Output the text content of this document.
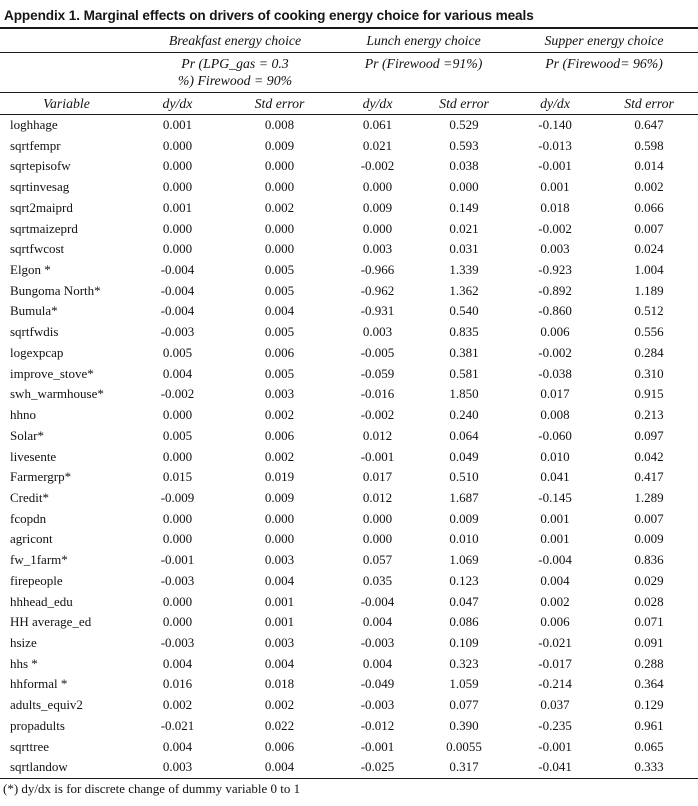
Appendix 1. Marginal effects on drivers of cooking energy choice for various meals
	Breakfast energy choice		Lunch energy choice		Supper energy choice	

	Pr (LPG_gas = 0.3
%) Firewood = 90%		Pr (Firewood =91%)		Pr (Firewood= 96%)	

Variable	dy/dx	Std error	dy/dx	Std error	dy/dx	Std error
loghhage	0.001	0.008	0.061	0.529	-0.140	0.647
sqrtfempr	0.000	0.009	0.021	0.593	-0.013	0.598
sqrtepisofw	0.000	0.000	-0.002	0.038	-0.001	0.014
sqrtinvesag	0.000	0.000	0.000	0.000	0.001	0.002
sqrt2maiprd	0.001	0.002	0.009	0.149	0.018	0.066
sqrtmaizeprd	0.000	0.000	0.000	0.021	-0.002	0.007
sqrtfwcost	0.000	0.000	0.003	0.031	0.003	0.024
Elgon *	-0.004	0.005	-0.966	1.339	-0.923	1.004
Bungoma North*	-0.004	0.005	-0.962	1.362	-0.892	1.189
Bumula*	-0.004	0.004	-0.931	0.540	-0.860	0.512
sqrtfwdis	-0.003	0.005	0.003	0.835	0.006	0.556
logexpcap	0.005	0.006	-0.005	0.381	-0.002	0.284
improve_stove*	0.004	0.005	-0.059	0.581	-0.038	0.310
swh_warmhouse*	-0.002	0.003	-0.016	1.850	0.017	0.915
hhno	0.000	0.002	-0.002	0.240	0.008	0.213
Solar*	0.005	0.006	0.012	0.064	-0.060	0.097
livesente	0.000	0.002	-0.001	0.049	0.010	0.042
Farmergrp*	0.015	0.019	0.017	0.510	0.041	0.417
Credit*	-0.009	0.009	0.012	1.687	-0.145	1.289
fcopdn	0.000	0.000	0.000	0.009	0.001	0.007
agricont	0.000	0.000	0.000	0.010	0.001	0.009
fw_1farm*	-0.001	0.003	0.057	1.069	-0.004	0.836
firepeople	-0.003	0.004	0.035	0.123	0.004	0.029
hhhead_edu	0.000	0.001	-0.004	0.047	0.002	0.028
HH average_ed	0.000	0.001	0.004	0.086	0.006	0.071
hsize	-0.003	0.003	-0.003	0.109	-0.021	0.091
hhs *	0.004	0.004	0.004	0.323	-0.017	0.288
hhformal *	0.016	0.018	-0.049	1.059	-0.214	0.364
adults_equiv2	0.002	0.002	-0.003	0.077	0.037	0.129
propadults	-0.021	0.022	-0.012	0.390	-0.235	0.961
sqrttree	0.004	0.006	-0.001	0.0055	-0.001	0.065
sqrtlandow	0.003	0.004	-0.025	0.317	-0.041	0.333
(*) dy/dx is for discrete change of dummy variable 0 to 1
